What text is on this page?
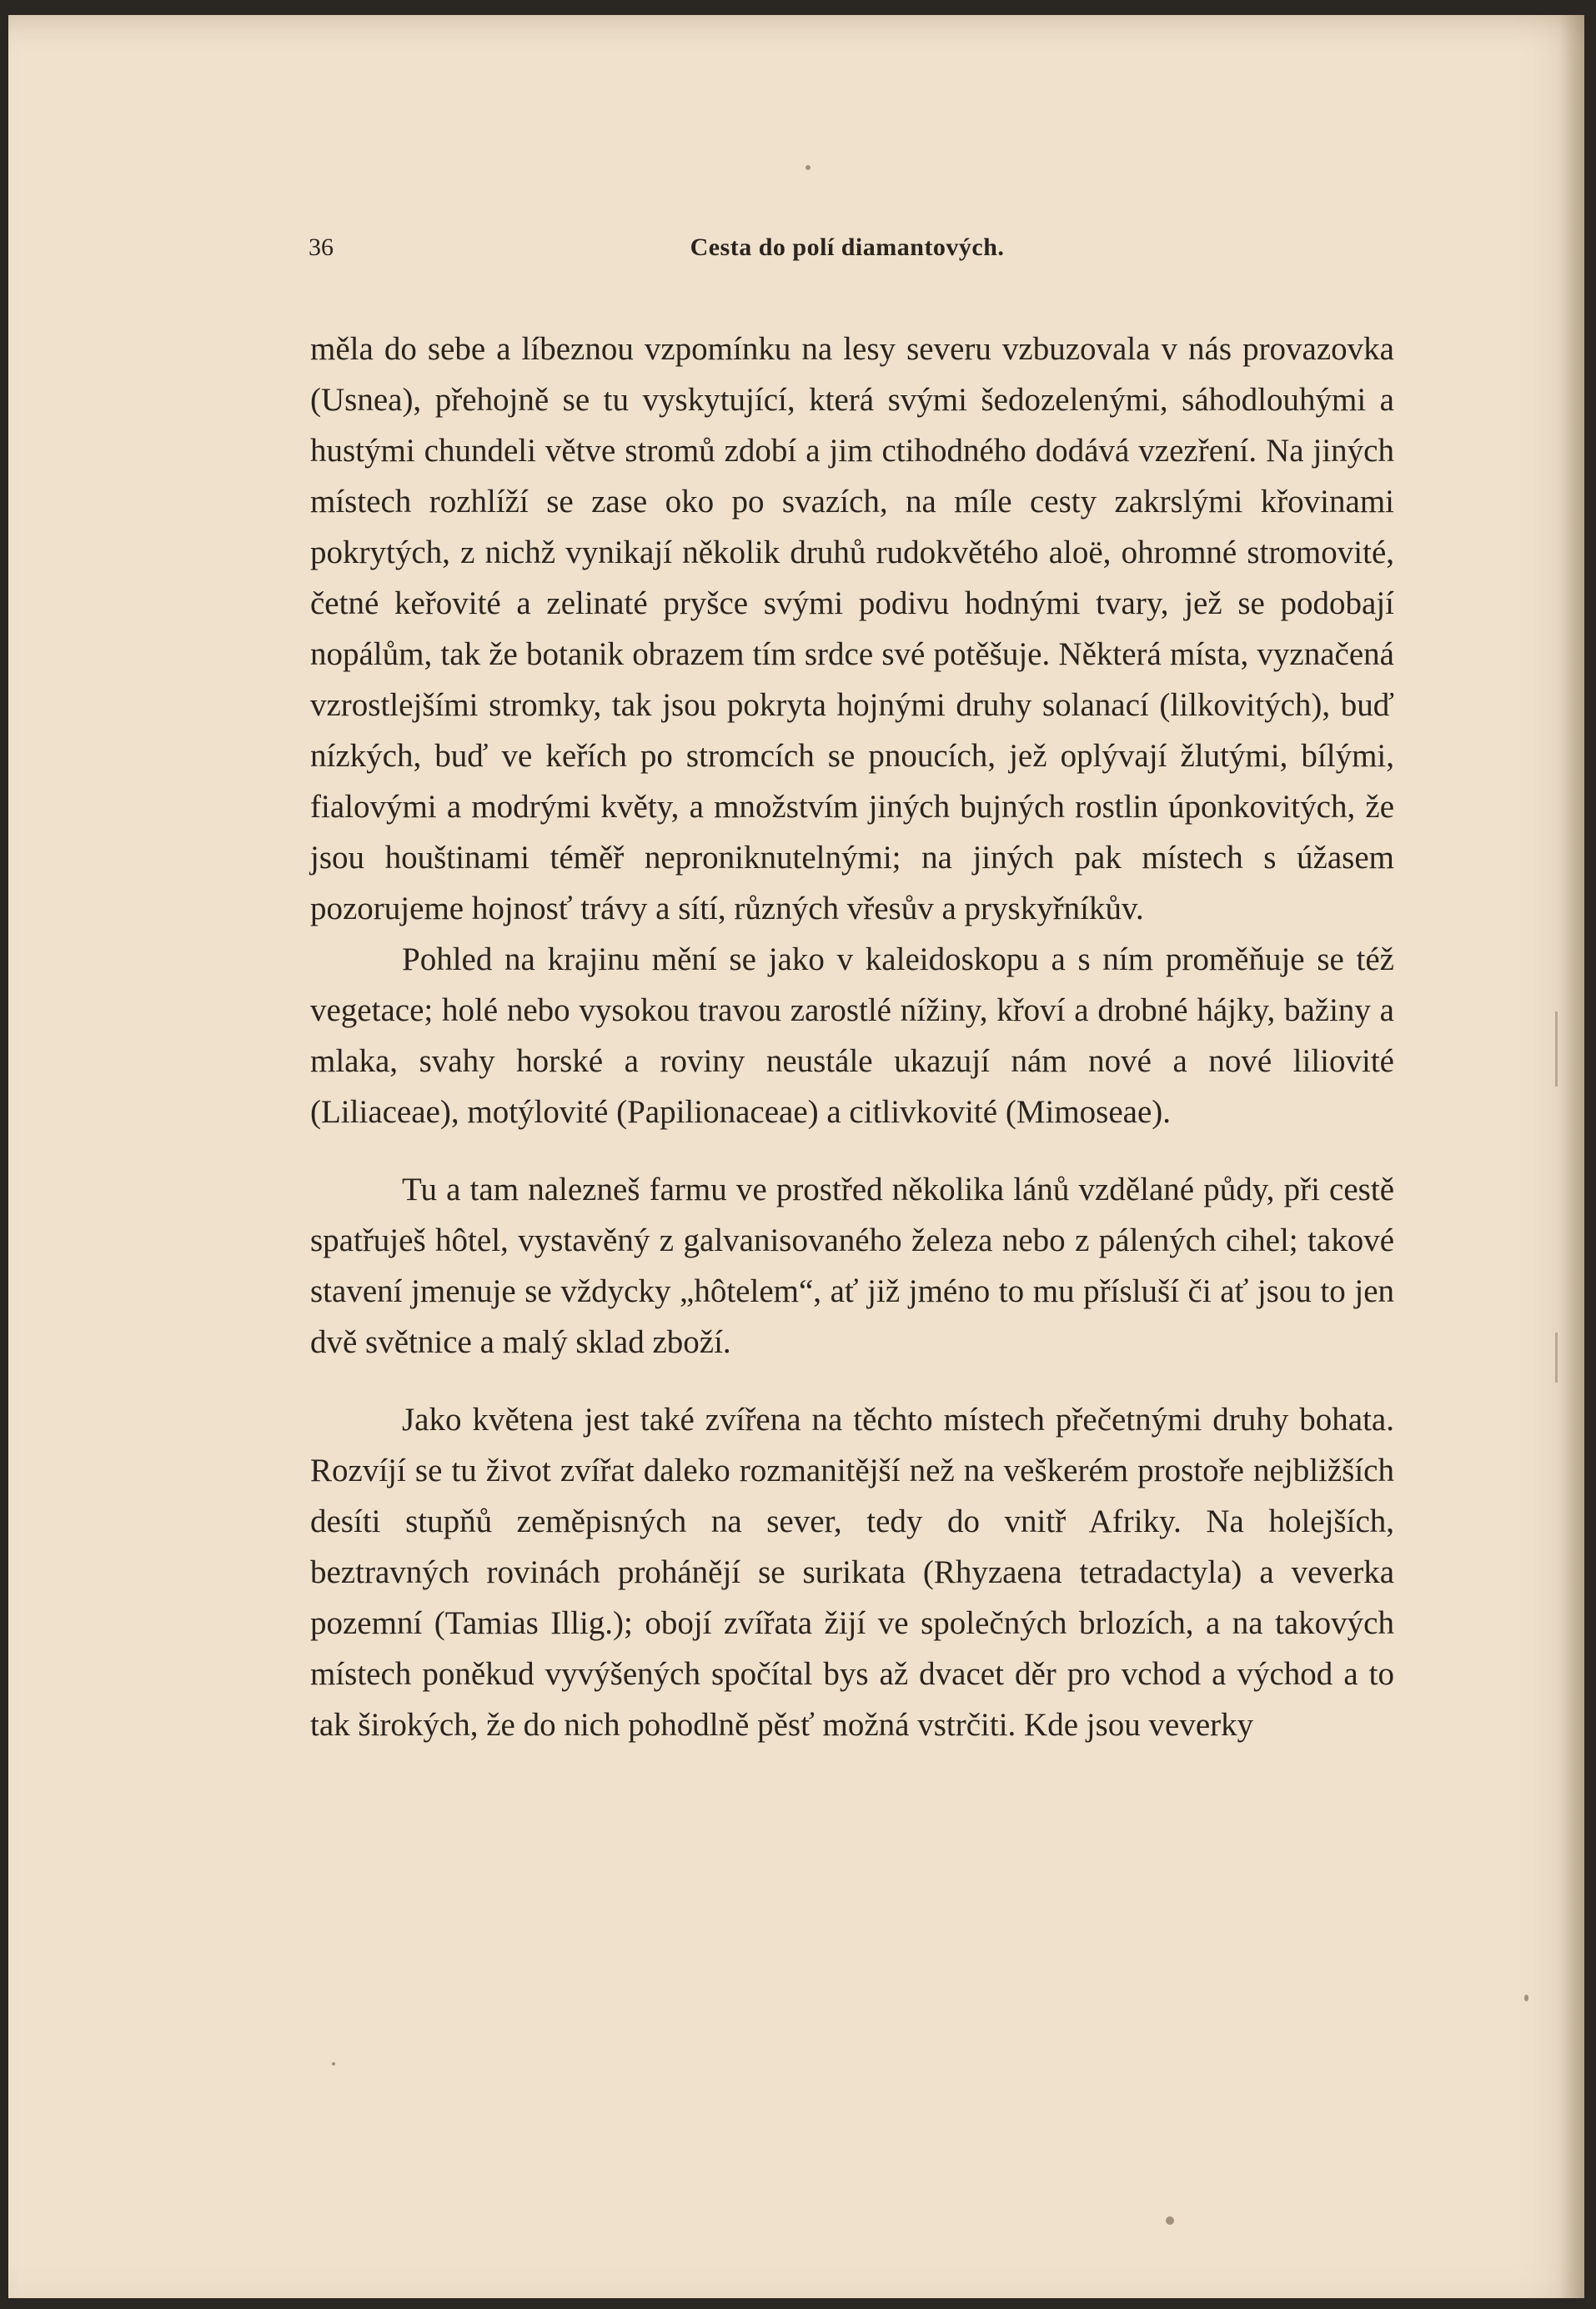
36	Cesta do polí diamantových.

měla do sebe a líbeznou vzpomínku na lesy severu vzbuzovala v nás provazovka (Usnea), přehojně se tu vyskytující, která svými šedozelenými, sáhodlouhými a hustými chundeli větve stromů zdobí a jim ctihodného dodává vzezření. Na jiných místech rozhlíží se zase oko po svazích, na míle cesty zakrslými křovinami pokrytých, z nichž vynikají několik druhů rudokvětého aloë, ohromné stromovité, četné keřovité a zelinaté pryšce svými podivu hodnými tvary, jež se podobají nopálům, tak že botanik obrazem tím srdce své potěšuje. Některá místa, vyznačená vzrostlejšími stromky, tak jsou pokryta hojnými druhy solanací (lilkovitých), buď nízkých, buď ve keřích po stromcích se pnoucích, jež oplývají žlutými, bílými, fialovými a modrými květy, a množstvím jiných bujných rostlin úponkovitých, že jsou houštinami téměř neproniknutelnými; na jiných pak místech s úžasem pozorujeme hojnosť trávy a sítí, různých vřesův a pryskyřníkův.

Pohled na krajinu mění se jako v kaleidoskopu a s ním proměňuje se též vegetace; holé nebo vysokou travou zarostlé nížiny, křoví a drobné hájky, bažiny a mlaka, svahy horské a roviny neustále ukazují nám nové a nové liliovité (Liliaceae), motýlovité (Papilionaceae) a citlivkovité (Mimoseae).

Tu a tam nalezneš farmu ve prostřed několika lánů vzdělané půdy, při cestě spatřuješ hôtel, vystavěný z galvanisovaného železa nebo z pálených cihel; takové stavení jmenuje se vždycky „hôtelem“, ať již jméno to mu přísluší či ať jsou to jen dvě světnice a malý sklad zboží.

Jako květena jest také zvířena na těchto místech přečetnými druhy bohata. Rozvíjí se tu život zvířat daleko rozmanitější než na veškerém prostoře nejbližších desíti stupňů zeměpisných na sever, tedy do vnitř Afriky. Na holejších, beztravných rovinách prohánějí se surikata (Rhyzaena tetradactyla) a veverka pozemní (Tamias Illig.); obojí zvířata žijí ve společných brlozích, a na takových místech poněkud vyvýšených spočítal bys až dvacet děr pro vchod a východ a to tak širokých, že do nich pohodlně pěsť možná vstrčiti. Kde jsou veverky
